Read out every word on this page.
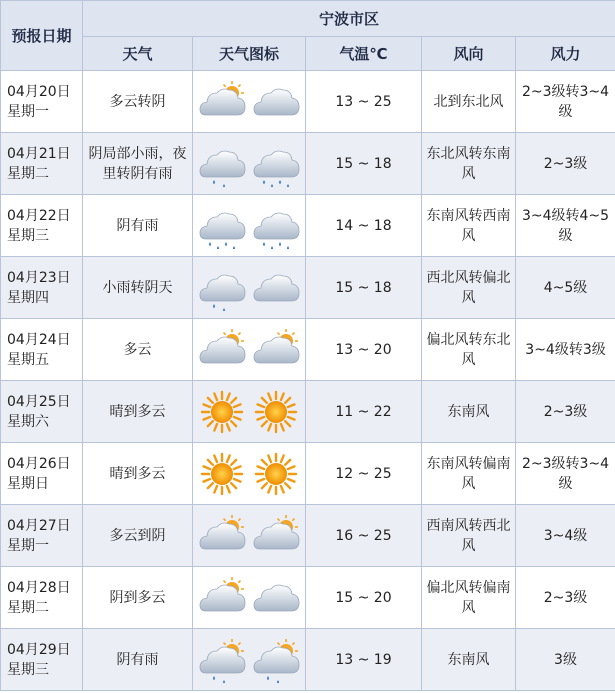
预报日期	宁波市区				
	天气	天气图标	气温℃	风向	风力

04月20日
星期一	多云转阴		13 ~ 25	北到东北风	2~3级转3~4级

04月21日
星期二	阴局部小雨，夜里转阴有雨		15 ~ 18	东北风转东南风	2~3级

04月22日
星期三	阴有雨		14 ~ 18	东南风转西南风	3~4级转4~5级

04月23日
星期四	小雨转阴天		15 ~ 18	西北风转偏北风	4~5级

04月24日
星期五	多云		13 ~ 20	偏北风转东北风	3~4级转3级

04月25日
星期六	晴到多云		11 ~ 22	东南风	2~3级

04月26日
星期日	晴到多云		12 ~ 25	东南风转偏南风	2~3级转3~4级

04月27日
星期一	多云到阴		16 ~ 25	西南风转西北风	3~4级

04月28日
星期二	阴到多云		15 ~ 20	偏北风转偏南风	2~3级

04月29日
星期三	阴有雨		13 ~ 19	东南风	3级
